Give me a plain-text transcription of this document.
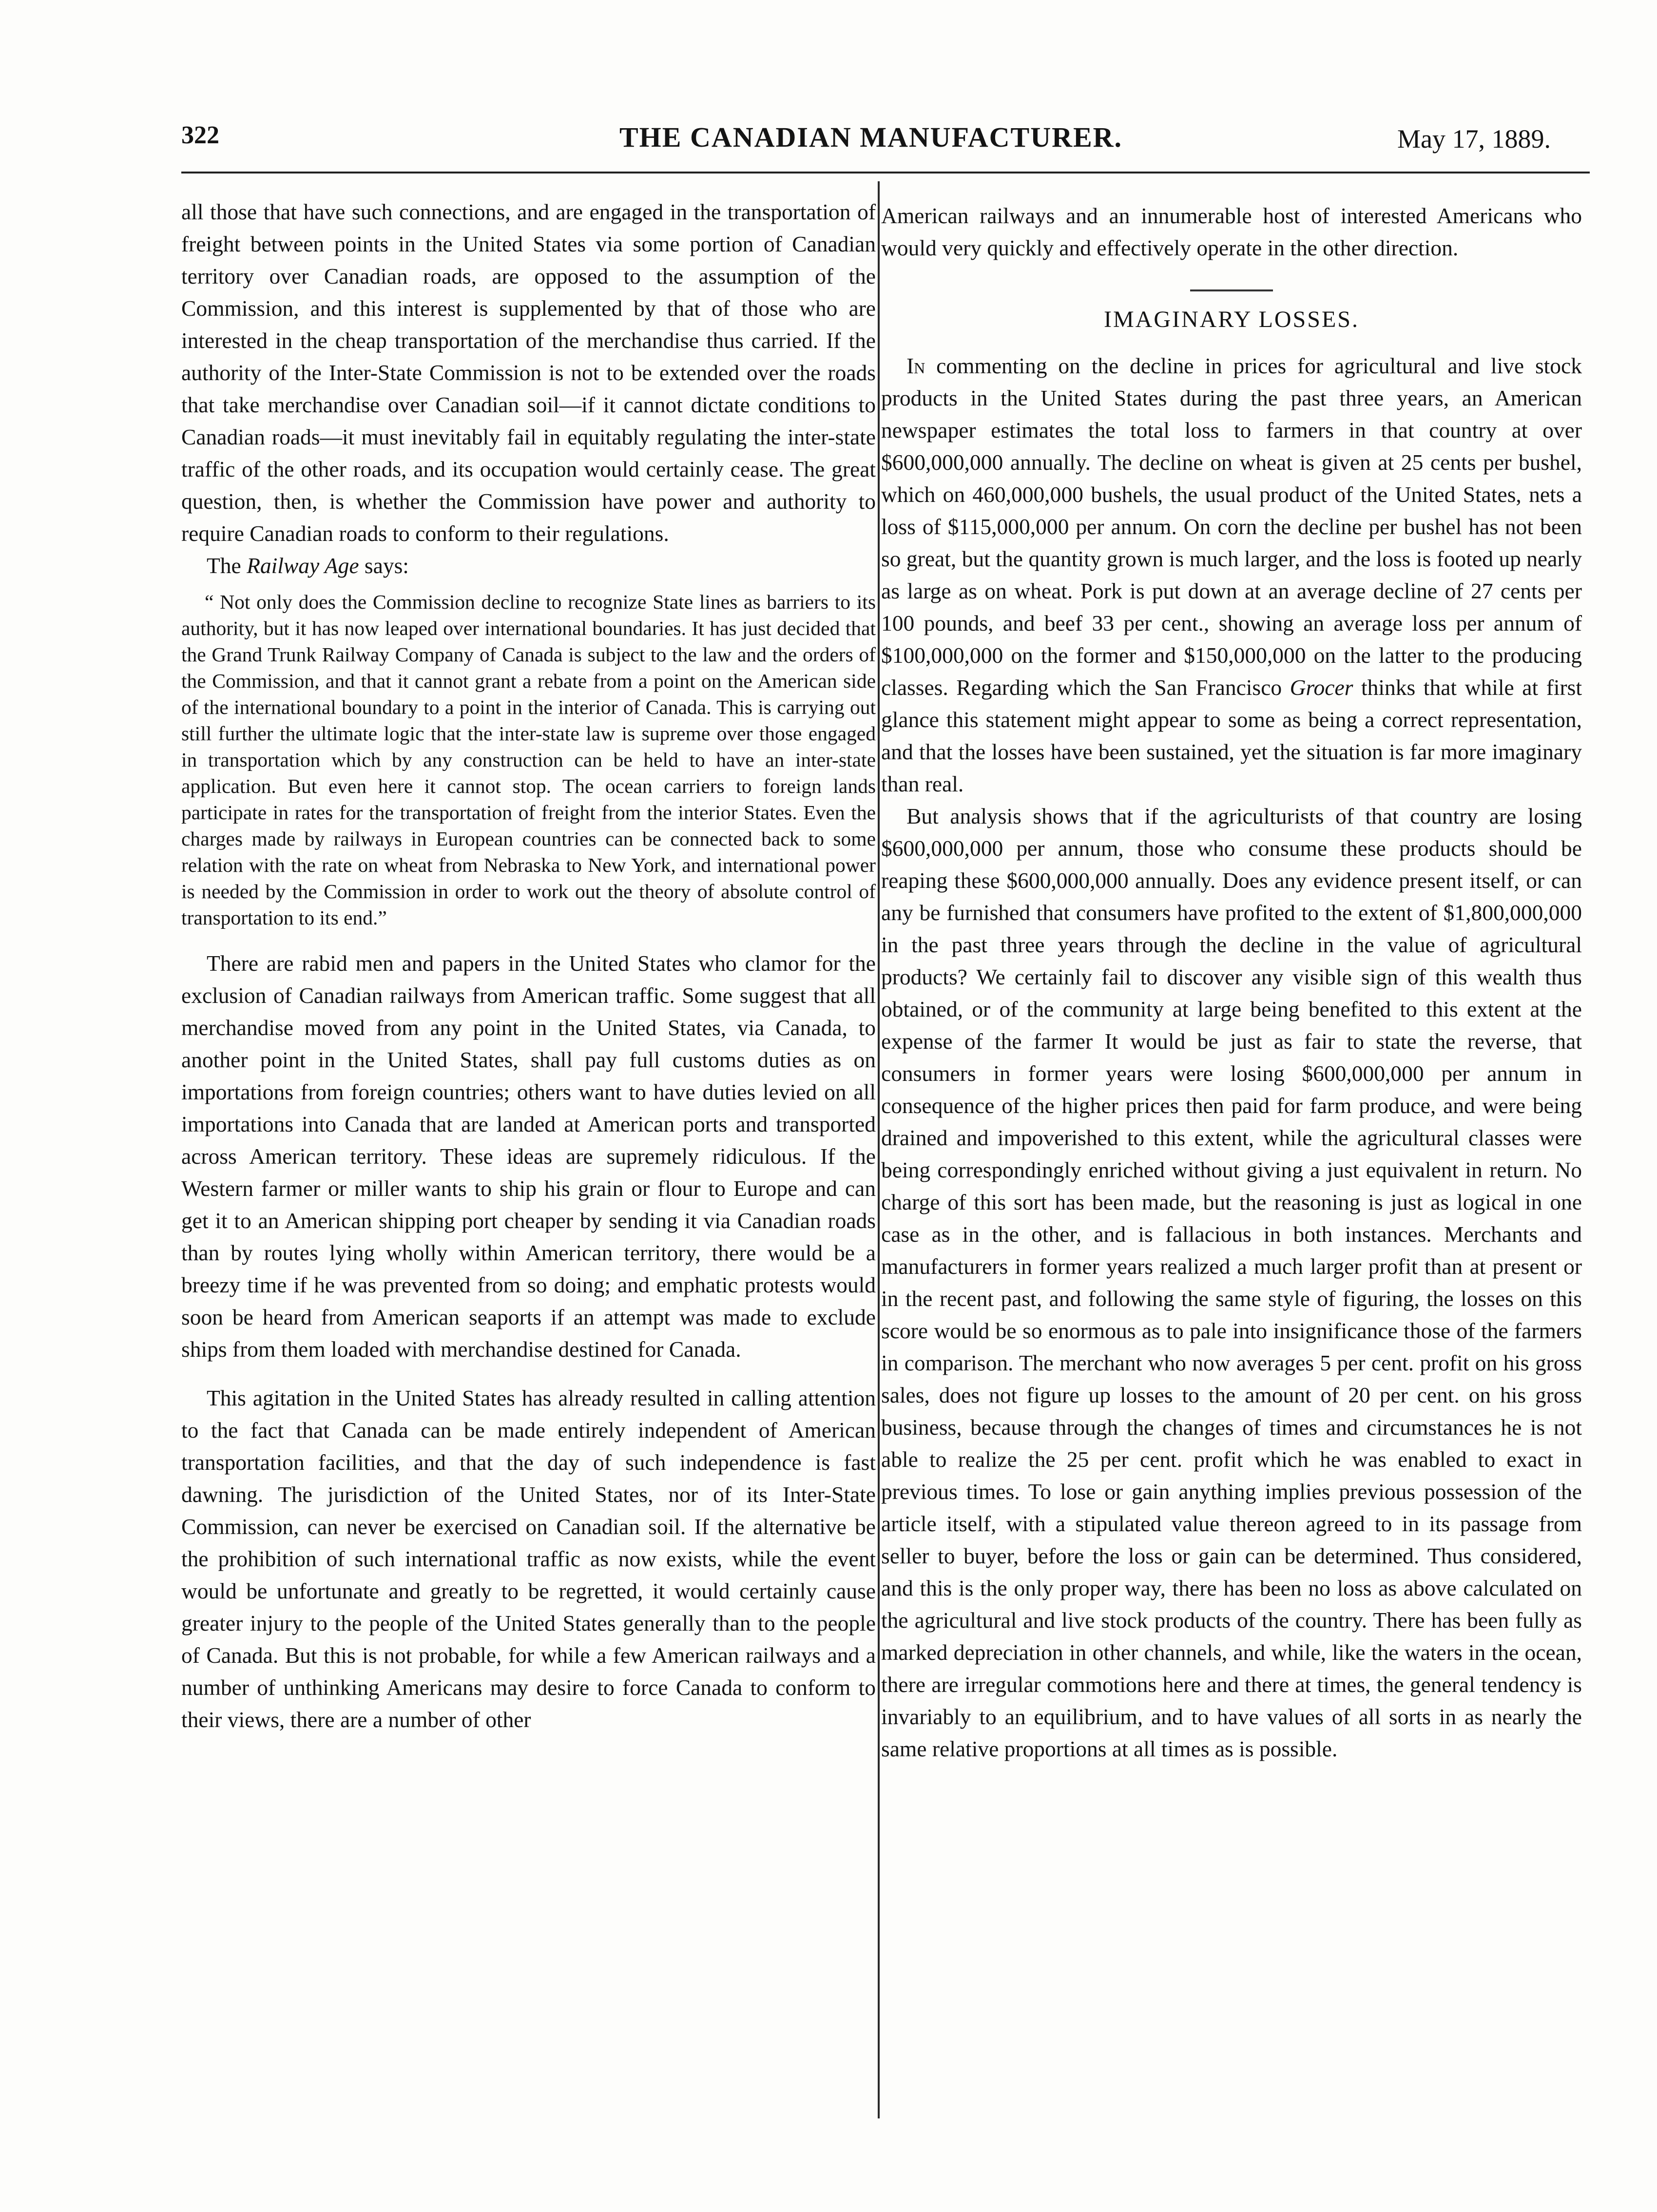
322	THE CANADIAN MANUFACTURER.	May 17, 1889.

all those that have such connections, and are engaged in the transportation of freight between points in the United States via some portion of Canadian territory over Canadian roads, are opposed to the assumption of the Commission, and this interest is supplemented by that of those who are interested in the cheap transportation of the merchandise thus carried. If the authority of the Inter-State Commission is not to be extended over the roads that take merchandise over Canadian soil—if it cannot dictate conditions to Canadian roads—it must inevitably fail in equitably regulating the inter-state traffic of the other roads, and its occupation would certainly cease. The great question, then, is whether the Commission have power and authority to require Canadian roads to conform to their regulations.

The Railway Age says:

“ Not only does the Commission decline to recognize State lines as barriers to its authority, but it has now leaped over international boundaries. It has just decided that the Grand Trunk Railway Company of Canada is subject to the law and the orders of the Commission, and that it cannot grant a rebate from a point on the American side of the international boundary to a point in the interior of Canada. This is carrying out still further the ultimate logic that the inter-state law is supreme over those engaged in transportation which by any construction can be held to have an inter-state application. But even here it cannot stop. The ocean carriers to foreign lands participate in rates for the transportation of freight from the interior States. Even the charges made by railways in European countries can be connected back to some relation with the rate on wheat from Nebraska to New York, and international power is needed by the Commission in order to work out the theory of absolute control of transportation to its end.”

There are rabid men and papers in the United States who clamor for the exclusion of Canadian railways from American traffic. Some suggest that all merchandise moved from any point in the United States, via Canada, to another point in the United States, shall pay full customs duties as on importations from foreign countries; others want to have duties levied on all importations into Canada that are landed at American ports and transported across American territory. These ideas are supremely ridiculous. If the Western farmer or miller wants to ship his grain or flour to Europe and can get it to an American shipping port cheaper by sending it via Canadian roads than by routes lying wholly within American territory, there would be a breezy time if he was prevented from so doing; and emphatic protests would soon be heard from American seaports if an attempt was made to exclude ships from them loaded with merchandise destined for Canada.

This agitation in the United States has already resulted in calling attention to the fact that Canada can be made entirely independent of American transportation facilities, and that the day of such independence is fast dawning. The jurisdiction of the United States, nor of its Inter-State Commission, can never be exercised on Canadian soil. If the alternative be the prohibition of such international traffic as now exists, while the event would be unfortunate and greatly to be regretted, it would certainly cause greater injury to the people of the United States generally than to the people of Canada. But this is not probable, for while a few American railways and a number of unthinking Americans may desire to force Canada to conform to their views, there are a number of other

American railways and an innumerable host of interested Americans who would very quickly and effectively operate in the other direction.

IMAGINARY LOSSES.

In commenting on the decline in prices for agricultural and live stock products in the United States during the past three years, an American newspaper estimates the total loss to farmers in that country at over $600,000,000 annually. The decline on wheat is given at 25 cents per bushel, which on 460,000,000 bushels, the usual product of the United States, nets a loss of $115,000,000 per annum. On corn the decline per bushel has not been so great, but the quantity grown is much larger, and the loss is footed up nearly as large as on wheat. Pork is put down at an average decline of 27 cents per 100 pounds, and beef 33 per cent., showing an average loss per annum of $100,000,000 on the former and $150,000,000 on the latter to the producing classes. Regarding which the San Francisco Grocer thinks that while at first glance this statement might appear to some as being a correct representation, and that the losses have been sustained, yet the situation is far more imaginary than real.

But analysis shows that if the agriculturists of that country are losing $600,000,000 per annum, those who consume these products should be reaping these $600,000,000 annually. Does any evidence present itself, or can any be furnished that consumers have profited to the extent of $1,800,000,000 in the past three years through the decline in the value of agricultural products? We certainly fail to discover any visible sign of this wealth thus obtained, or of the community at large being benefited to this extent at the expense of the farmer It would be just as fair to state the reverse, that consumers in former years were losing $600,000,000 per annum in consequence of the higher prices then paid for farm produce, and were being drained and impoverished to this extent, while the agricultural classes were being correspondingly enriched without giving a just equivalent in return. No charge of this sort has been made, but the reasoning is just as logical in one case as in the other, and is fallacious in both instances. Merchants and manufacturers in former years realized a much larger profit than at present or in the recent past, and following the same style of figuring, the losses on this score would be so enormous as to pale into insignificance those of the farmers in comparison. The merchant who now averages 5 per cent. profit on his gross sales, does not figure up losses to the amount of 20 per cent. on his gross business, because through the changes of times and circumstances he is not able to realize the 25 per cent. profit which he was enabled to exact in previous times. To lose or gain anything implies previous possession of the article itself, with a stipulated value thereon agreed to in its passage from seller to buyer, before the loss or gain can be determined. Thus considered, and this is the only proper way, there has been no loss as above calculated on the agricultural and live stock products of the country. There has been fully as marked depreciation in other channels, and while, like the waters in the ocean, there are irregular commotions here and there at times, the general tendency is invariably to an equilibrium, and to have values of all sorts in as nearly the same relative proportions at all times as is possible.
